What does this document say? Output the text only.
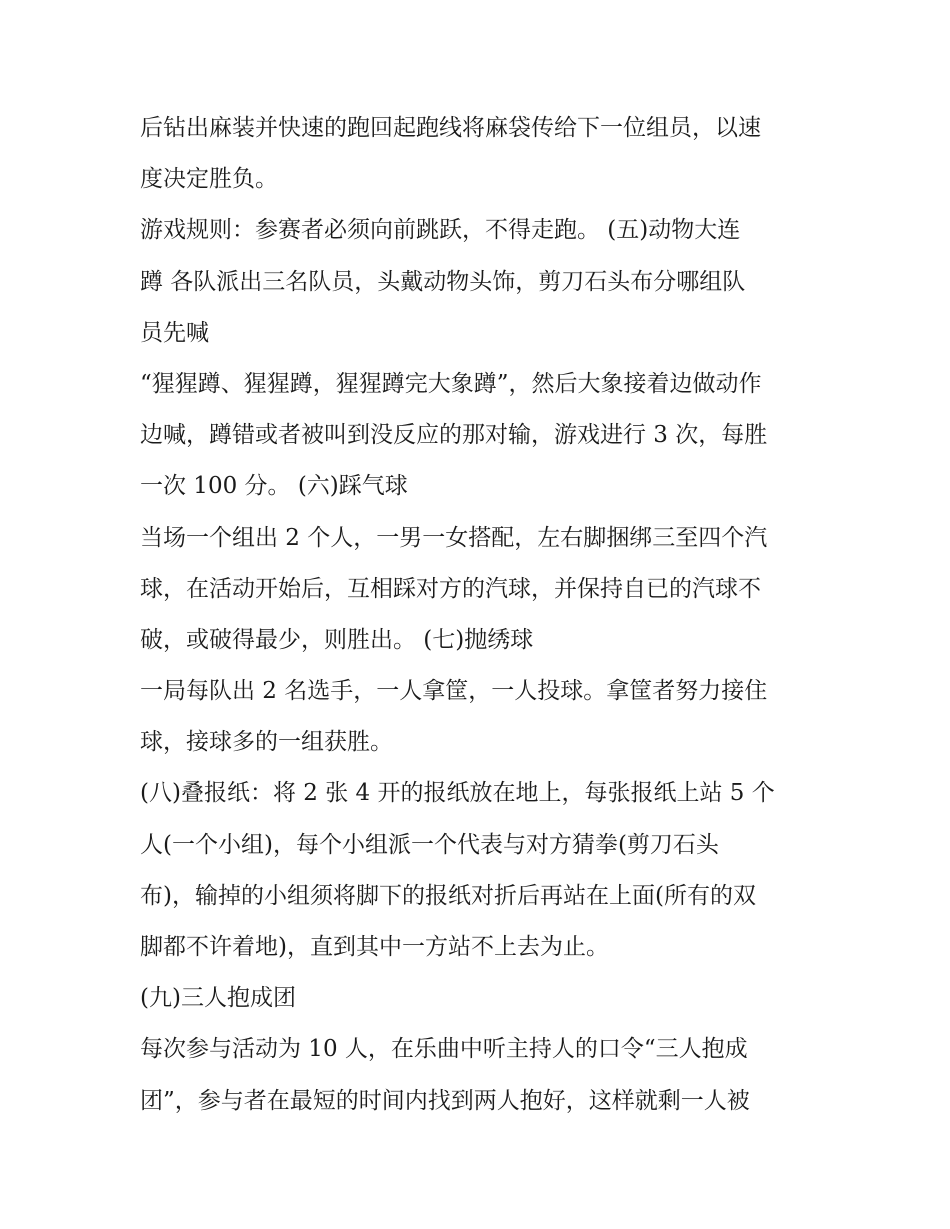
后钻出麻装并快速的跑回起跑线将麻袋传给下一位组员，以速
度决定胜负。
游戏规则：参赛者必须向前跳跃，不得走跑。 (五)动物大连
蹲 各队派出三名队员，头戴动物头饰，剪刀石头布分哪组队
员先喊
“猩猩蹲、猩猩蹲，猩猩蹲完大象蹲”，然后大象接着边做动作
边喊，蹲错或者被叫到没反应的那对输，游戏进行 3 次，每胜
一次 100 分。 (六)踩气球
当场一个组出 2 个人，一男一女搭配，左右脚捆绑三至四个汽
球，在活动开始后，互相踩对方的汽球，并保持自已的汽球不
破，或破得最少，则胜出。 (七)抛绣球
一局每队出 2 名选手，一人拿筐，一人投球。拿筐者努力接住
球，接球多的一组获胜。
(八)叠报纸：将 2 张 4 开的报纸放在地上，每张报纸上站 5 个
人(一个小组)，每个小组派一个代表与对方猜拳(剪刀石头
布)，输掉的小组须将脚下的报纸对折后再站在上面(所有的双
脚都不许着地)，直到其中一方站不上去为止。
(九)三人抱成团
每次参与活动为 10 人，在乐曲中听主持人的口令“三人抱成
团”，参与者在最短的时间内找到两人抱好，这样就剩一人被
